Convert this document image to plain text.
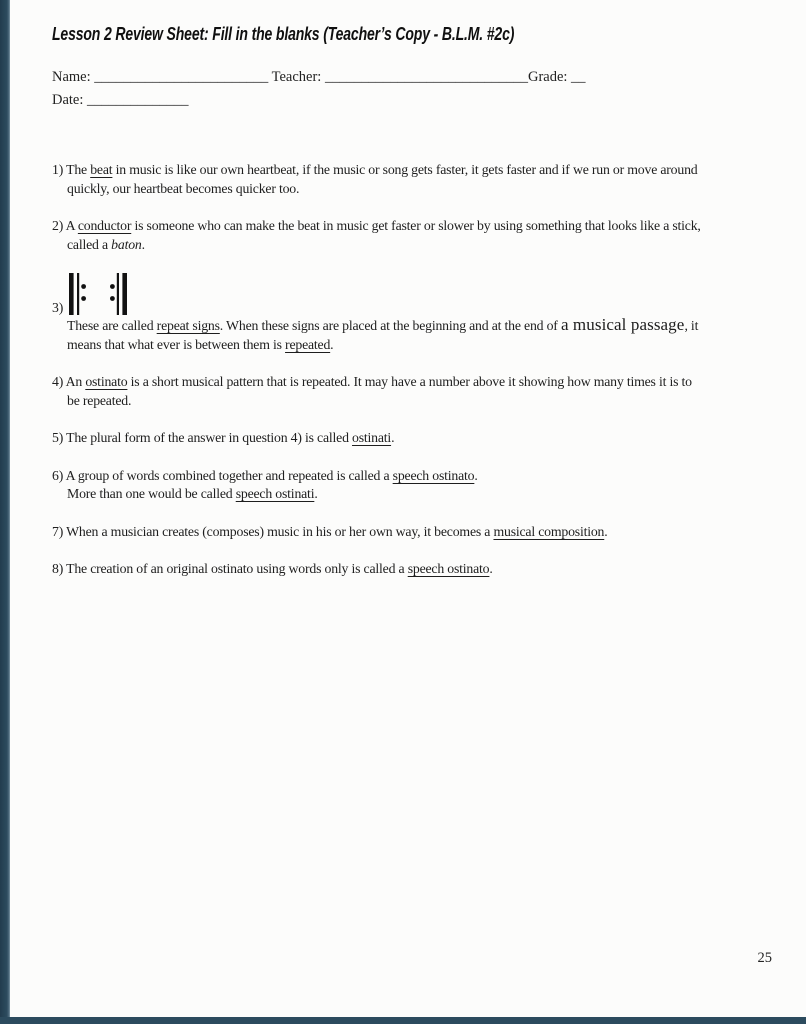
Lesson 2 Review Sheet: Fill in the blanks (Teacher’s Copy - B.L.M. #2c)
Name: ________________________ Teacher: ____________________________Grade: __
Date: ______________

1) The beat in music is like our own heartbeat, if the music or song gets faster, it gets faster and if we run or move around
quickly, our heartbeat becomes quicker too.

2) A conductor is someone who can make the beat in music get faster or slower by using something that looks like a stick,
called a baton.

3)

These are called repeat signs. When these signs are placed at the beginning and at the end of a musical passage, it
means that what ever is between them is repeated.

4) An ostinato is a short musical pattern that is repeated. It may have a number above it showing how many times it is to
be repeated.

5) The plural form of the answer in question 4) is called ostinati.

6) A group of words combined together and repeated is called a speech ostinato.
More than one would be called speech ostinati.

7) When a musician creates (composes) music in his or her own way, it becomes a musical composition.

8) The creation of an original ostinato using words only is called a speech ostinato.

25
